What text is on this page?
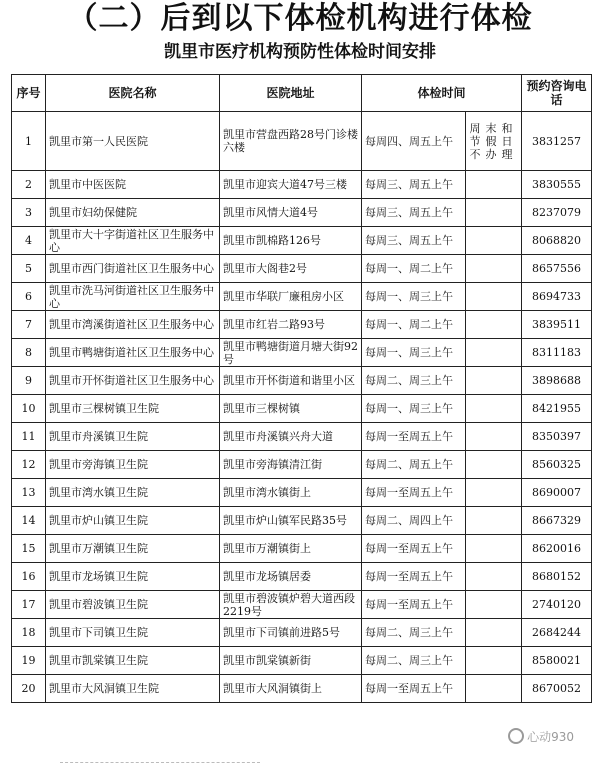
（二）后到以下体检机构进行体检
凯里市医疗机构预防性体检时间安排
序号	医院名称	医院地址	体检时间		预约咨询电话
1	凯里市第一人民医院	凯里市营盘西路28号门诊楼六楼	每周四、周五上午	周末和节假日不办理	3831257
2	凯里市中医医院	凯里市迎宾大道47号三楼	每周三、周五上午		3830555
3	凯里市妇幼保健院	凯里市风情大道4号	每周三、周五上午		8237079
4	凯里市大十字街道社区卫生服务中心	凯里市凯棉路126号	每周三、周五上午		8068820
5	凯里市西门街道社区卫生服务中心	凯里市大阁巷2号	每周一、周二上午		8657556
6	凯里市洗马河街道社区卫生服务中心	凯里市华联厂廉租房小区	每周一、周三上午		8694733
7	凯里市湾溪街道社区卫生服务中心	凯里市红岩二路93号	每周一、周二上午		3839511
8	凯里市鸭塘街道社区卫生服务中心	凯里市鸭塘街道月塘大街92号	每周一、周三上午		8311183
9	凯里市开怀街道社区卫生服务中心	凯里市开怀街道和谐里小区	每周二、周三上午		3898688
10	凯里市三棵树镇卫生院	凯里市三棵树镇	每周一、周三上午		8421955
11	凯里市舟溪镇卫生院	凯里市舟溪镇兴舟大道	每周一至周五上午		8350397
12	凯里市旁海镇卫生院	凯里市旁海镇清江街	每周二、周五上午		8560325
13	凯里市湾水镇卫生院	凯里市湾水镇街上	每周一至周五上午		8690007
14	凯里市炉山镇卫生院	凯里市炉山镇军民路35号	每周二、周四上午		8667329
15	凯里市万潮镇卫生院	凯里市万潮镇街上	每周一至周五上午		8620016
16	凯里市龙场镇卫生院	凯里市龙场镇居委	每周一至周五上午		8680152
17	凯里市碧波镇卫生院	凯里市碧波镇炉碧大道西段2219号	每周一至周五上午		2740120
18	凯里市下司镇卫生院	凯里市下司镇前进路5号	每周二、周三上午		2684244
19	凯里市凯棠镇卫生院	凯里市凯棠镇新街	每周二、周三上午		8580021
20	凯里市大风洞镇卫生院	凯里市大风洞镇街上	每周一至周五上午		8670052
心动930
